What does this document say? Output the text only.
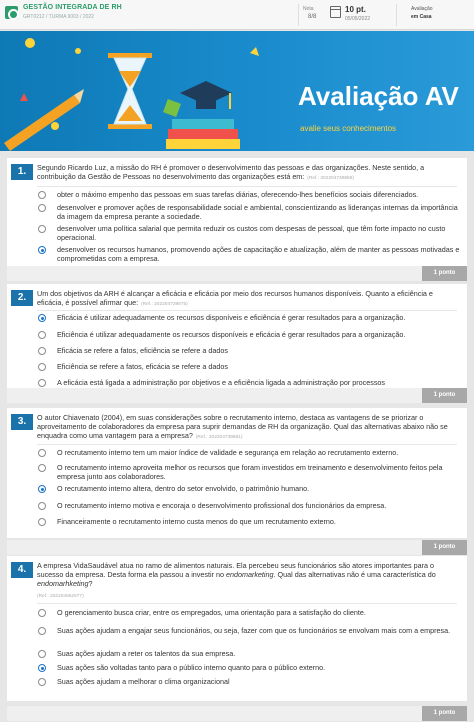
GESTÃO INTEGRADA DE RH
GRT0212 / TURMA 9003 / 2022
Nota
8/8
10 pt.
05/05/2022
Avaliação
em Casa
Avaliação AV
avalie seus conhecimentos
1.	Segundo Ricardo Luz, a missão do RH é promover o desenvolvimento das pessoas e das organizações. Neste sentido, a contribuição da Gestão de Pessoas no desenvolvimento das organizações está em: (Ref.: 202204739866)
obter o máximo empenho das pessoas em suas tarefas diárias, oferecendo-lhes benefícios sociais diferenciados.
desenvolver e promover ações de responsabilidade social e ambiental, conscientizando as lideranças internas da importância da imagem da empresa perante a sociedade.
desenvolver uma política salarial que permita reduzir os custos com despesas de pessoal, que têm forte impacto no custo operacional.
desenvolver os recursos humanos, promovendo ações de capacitação e atualização, além de manter as pessoas motivadas e comprometidas com a empresa.
1 ponto
2.	Um dos objetivos da ARH é alcançar a eficácia e eficácia por meio dos recursos humanos disponíveis. Quanto a eficiência e eficácia, é possível afirmar que: (Ref.: 202204739875)
Eficácia é utilizar adequadamente os recursos disponíveis e eficiência é gerar resultados para a organização.
Eficiência é utilizar adequadamente os recursos disponíveis e eficácia é gerar resultados para a organização.
Eficácia se refere a fatos, eficiência se refere a dados
Eficiência se refere a fatos, eficácia se refere a dados
A eficácia está ligada a administração por objetivos e a eficiência ligada a administração por processos
1 ponto
3.	O autor Chiavenato (2004), em suas considerações sobre o recrutamento interno, destaca as vantagens de se priorizar o aproveitamento de colaboradores da empresa para suprir demandas de RH da organização. Qual das alternativas abaixo não se enquadra como uma vantagem para a empresa? (Ref.: 202204739861)
O recrutamento interno tem um maior índice de validade e segurança em relação ao recrutamento externo.
O recrutamento interno aproveita melhor os recursos que foram investidos em treinamento e desenvolvimento feitos pela empresa junto aos colaboradores.
O recrutamento interno altera, dentro do setor envolvido, o patrimônio humano.
O recrutamento interno motiva e encoraja o desenvolvimento profissional dos funcionários da empresa.
Financeiramente o recrutamento interno custa menos do que um recrutamento externo.
1 ponto
4.	A empresa VidaSaudável atua no ramo de alimentos naturais. Ela percebeu seus funcionários são atores importantes para o sucesso da empresa. Desta forma ela passou a investir no endomarketing. Qual das alternativas não é uma característica do endomarhketing?
(Ref.: 202204652677)
O gerenciamento busca criar, entre os empregados, uma orientação para a satisfação do cliente.
Suas ações ajudam a engajar seus funcionários, ou seja, fazer com que os funcionários se envolvam mais com a empresa.
Suas ações ajudam a reter os talentos da sua empresa.
Suas ações são voltadas tanto para o público interno quanto para o público externo.
Suas ações ajudam a melhorar o clima organizacional
1 ponto
